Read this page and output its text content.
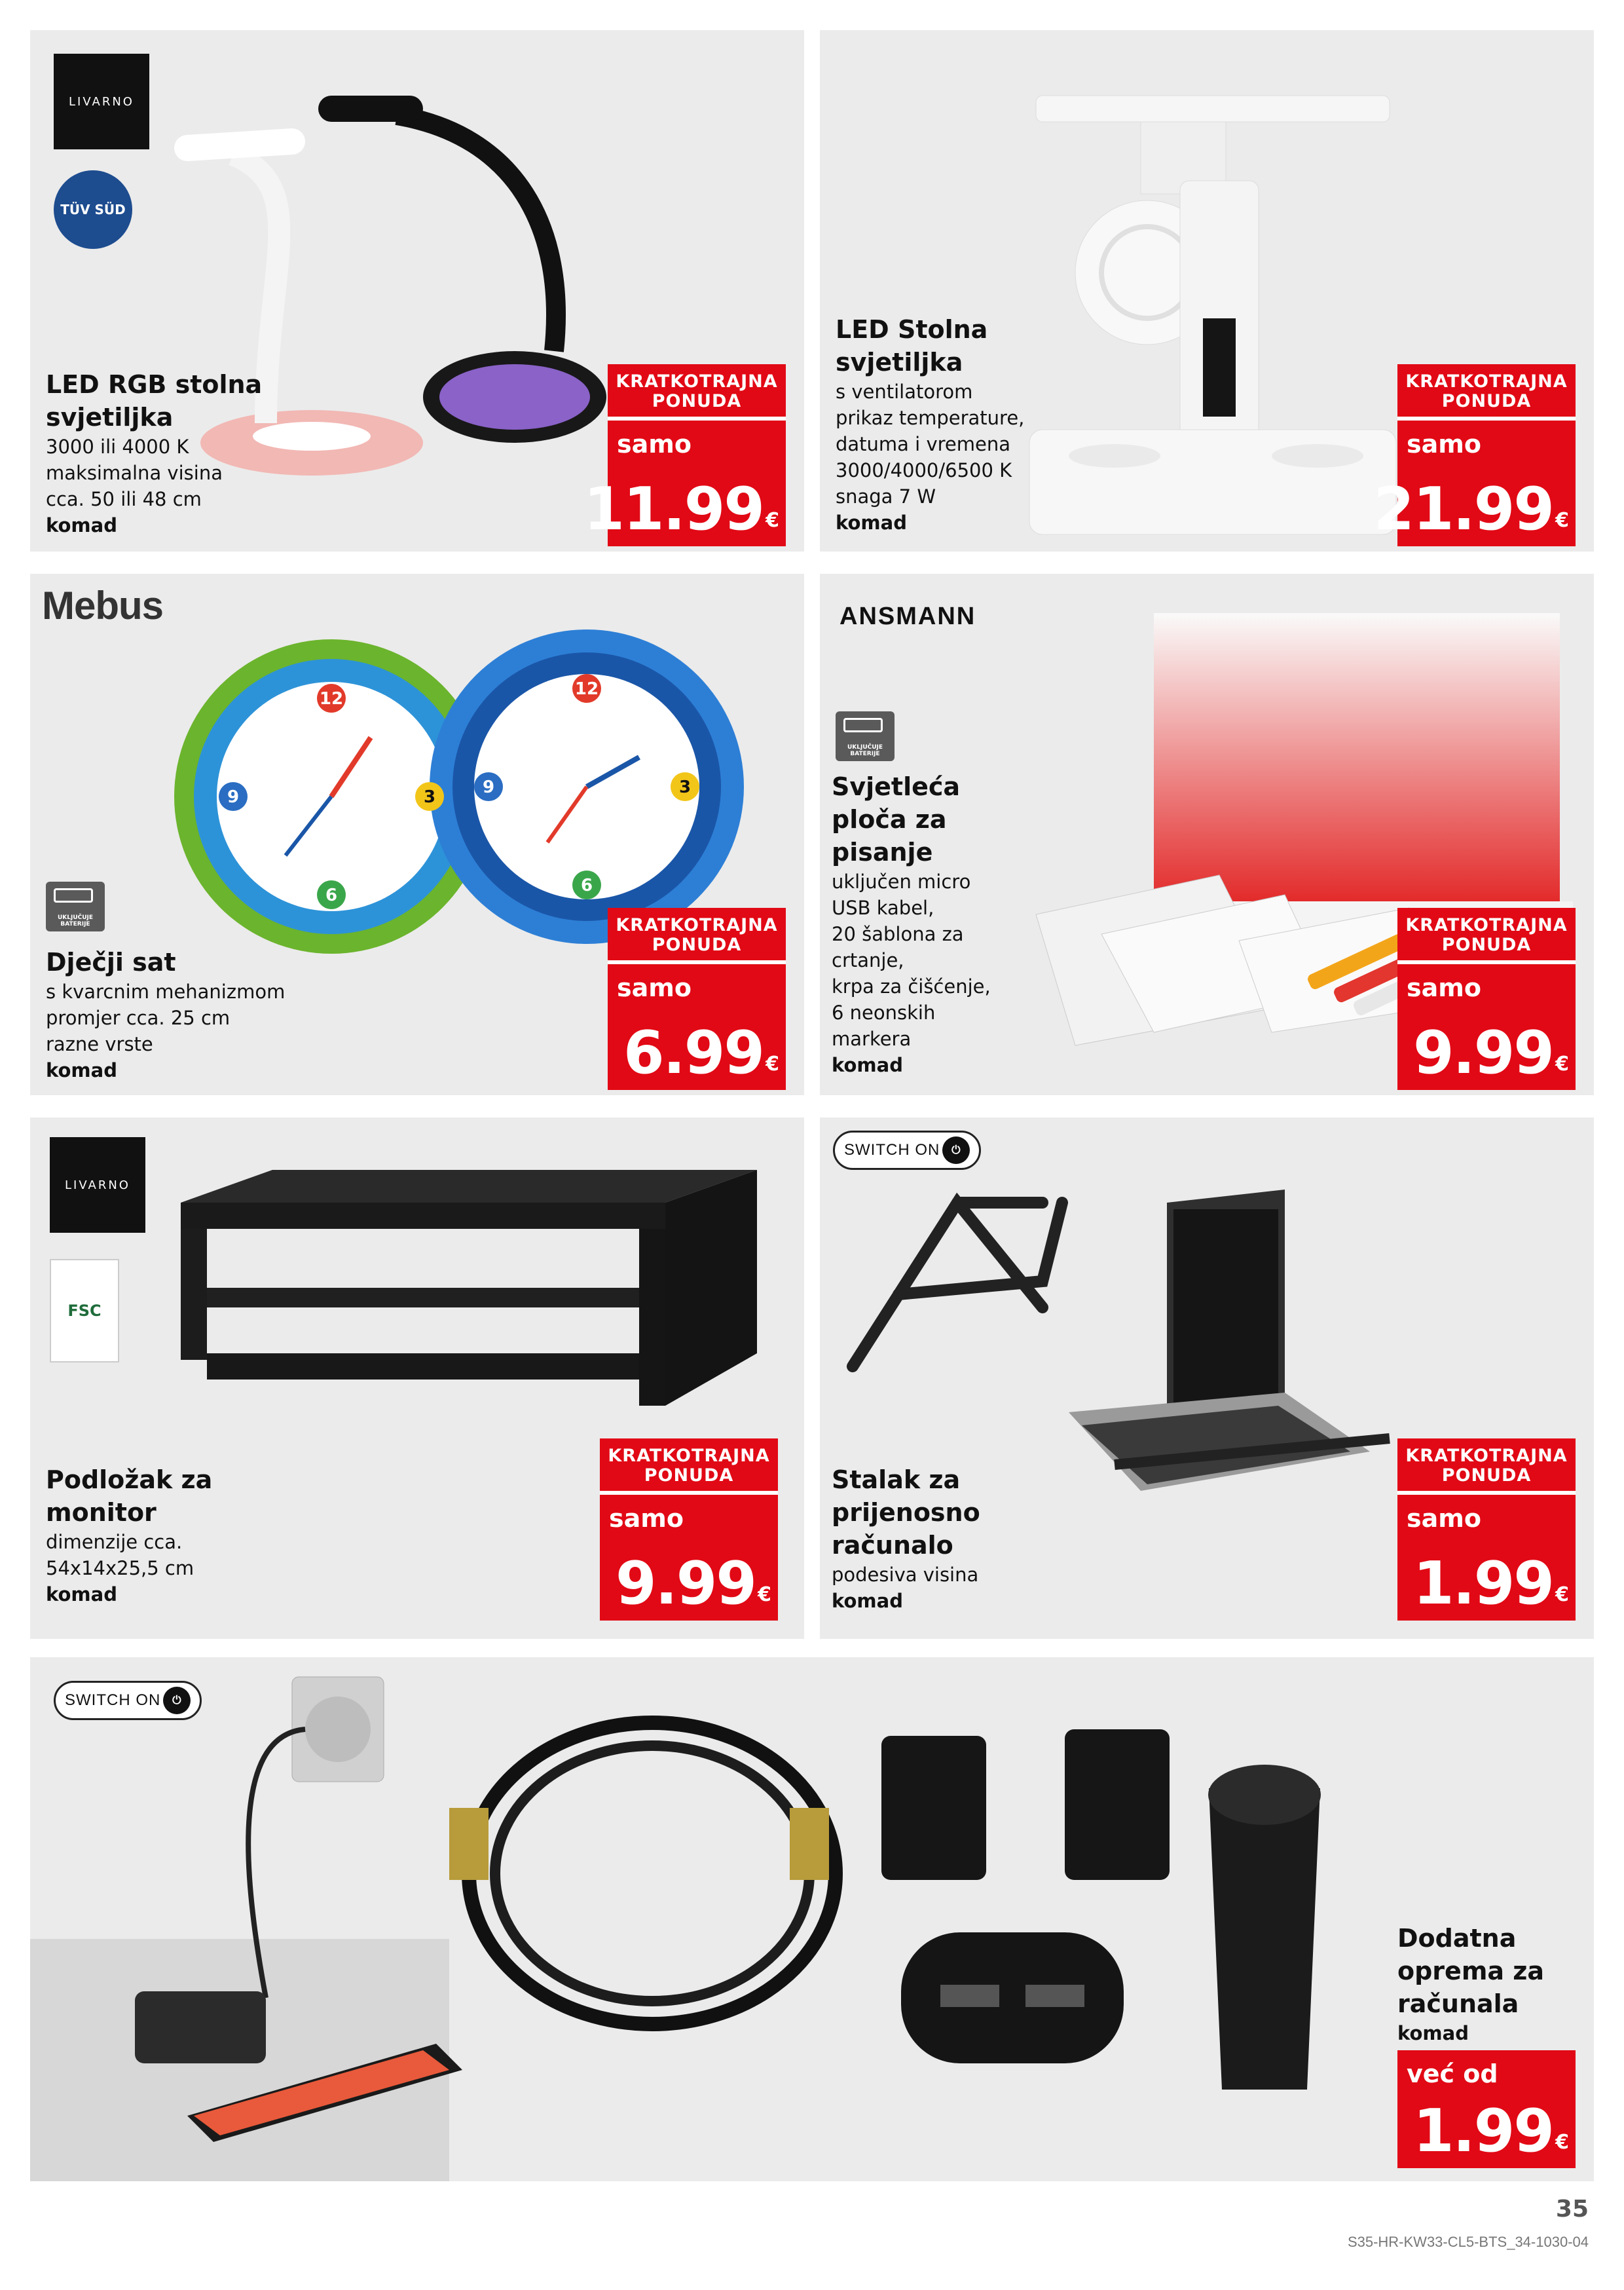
LIVARNO
TÜV SÜD
LED RGB stolna svjetiljka
3000 ili 4000 K
maksimalna visina
cca. 50 ili 48 cm
komad
KRATKOTRAJNA PONUDA
samo
11.99 €
LED Stolna svjetiljka
s ventilatorom
prikaz temperature,
datuma i vremena
3000/4000/6500 K
snaga 7 W
komad
KRATKOTRAJNA PONUDA
samo
21.99 €
Mebus
12
3
6
9
12
3
6
9
UKLJUČUJE BATERIJE
Dječji sat
s kvarcnim mehanizmom
promjer cca. 25 cm
razne vrste
komad
KRATKOTRAJNA PONUDA
samo
6.99 €
ANSMANN
UKLJUČUJE BATERIJE
Svjetleća ploča za pisanje
uključen micro
USB kabel,
20 šablona za
crtanje,
krpa za čišćenje,
6 neonskih
markera
komad
KRATKOTRAJNA PONUDA
samo
9.99 €
LIVARNO
FSC
Podložak za monitor
dimenzije cca.
54x14x25,5 cm
komad
KRATKOTRAJNA PONUDA
samo
9.99 €
SWITCH ON	⏻
Stalak za prijenosno računalo
podesiva visina
komad
KRATKOTRAJNA PONUDA
samo
1.99 €
SWITCH ON	⏻
Dodatna oprema za računala
komad
već od
1.99 €
35
S35-HR-KW33-CL5-BTS_34-1030-04
